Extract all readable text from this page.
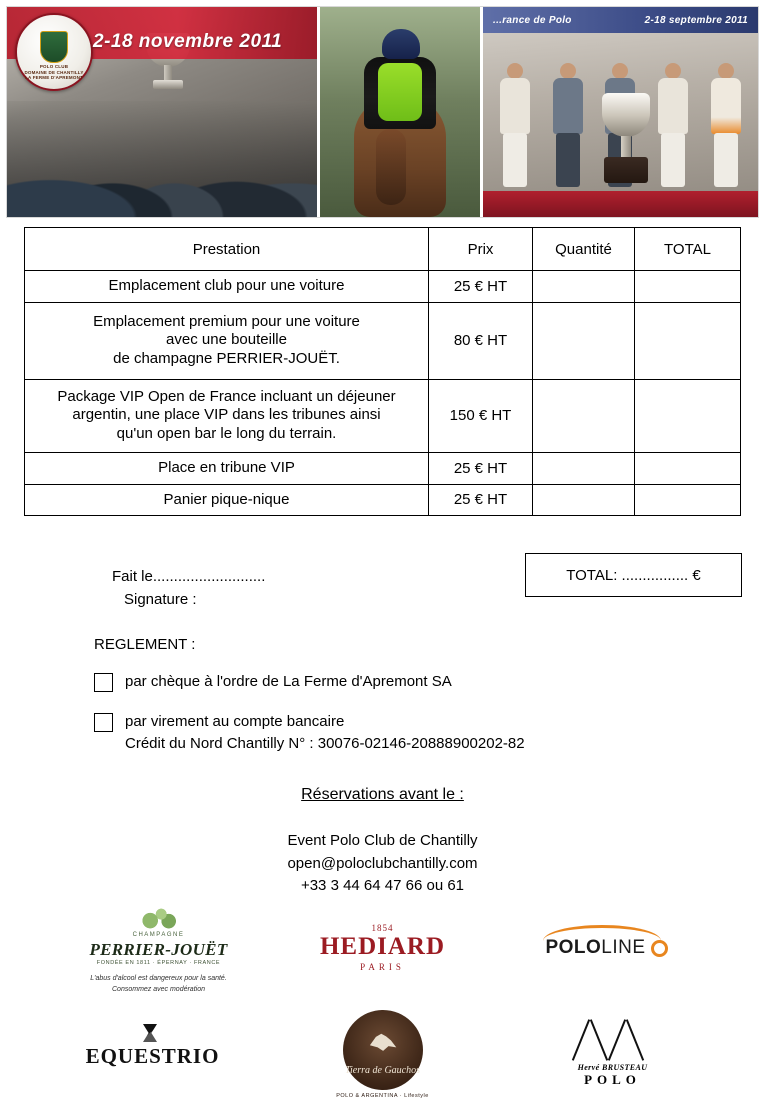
POLO CLUB
DOMAINE DE CHANTILLY
LA FERME D'APREMONT
2-18 novembre 2011
...rance de Polo	2-18 septembre 2011
Prestation	Prix	Quantité	TOTAL

Emplacement club pour une voiture	25 € HT		

Emplacement premium pour une voiture
avec une bouteille
de champagne PERRIER-JOUËT.	80 € HT		

Package VIP Open de France incluant un déjeuner
argentin, une place VIP dans les tribunes ainsi
qu'un open bar le long du terrain.	150 € HT		

Place en tribune VIP	25 € HT		

Panier pique-nique	25 € HT		
Fait le...........................
Signature :
TOTAL: ................ €
REGLEMENT :
par chèque à l'ordre de La Ferme d'Apremont SA
par virement au compte bancaire
Crédit du Nord Chantilly N° : 30076-02146-20888900202-82
Réservations avant le :
Event Polo Club de Chantilly
open@poloclubchantilly.com
+33 3 44 64 47 66 ou 61
CHAMPAGNE
PERRIER-JOUËT
FONDÉE EN 1811 · ÉPERNAY · FRANCE
L'abus d'alcool est dangereux pour la santé.
Consommez avec modération
1854
HEDIARD
PARIS
POLOLINE
EQUESTRIO
Tierra de Gauchos
POLO & ARGENTINA · Lifestyle
Hervé BRUSTEAU
POLO
